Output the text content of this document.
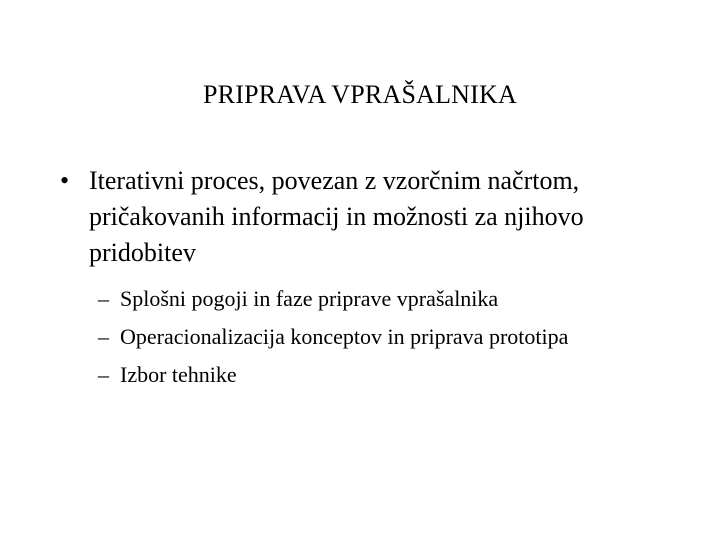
PRIPRAVA VPRAŠALNIKA
• Iterativni proces, povezan z vzorčnim načrtom, pričakovanih informacij in možnosti za njihovo pridobitev
– Splošni pogoji in faze priprave vprašalnika
– Operacionalizacija konceptov in priprava prototipa
– Izbor tehnike
